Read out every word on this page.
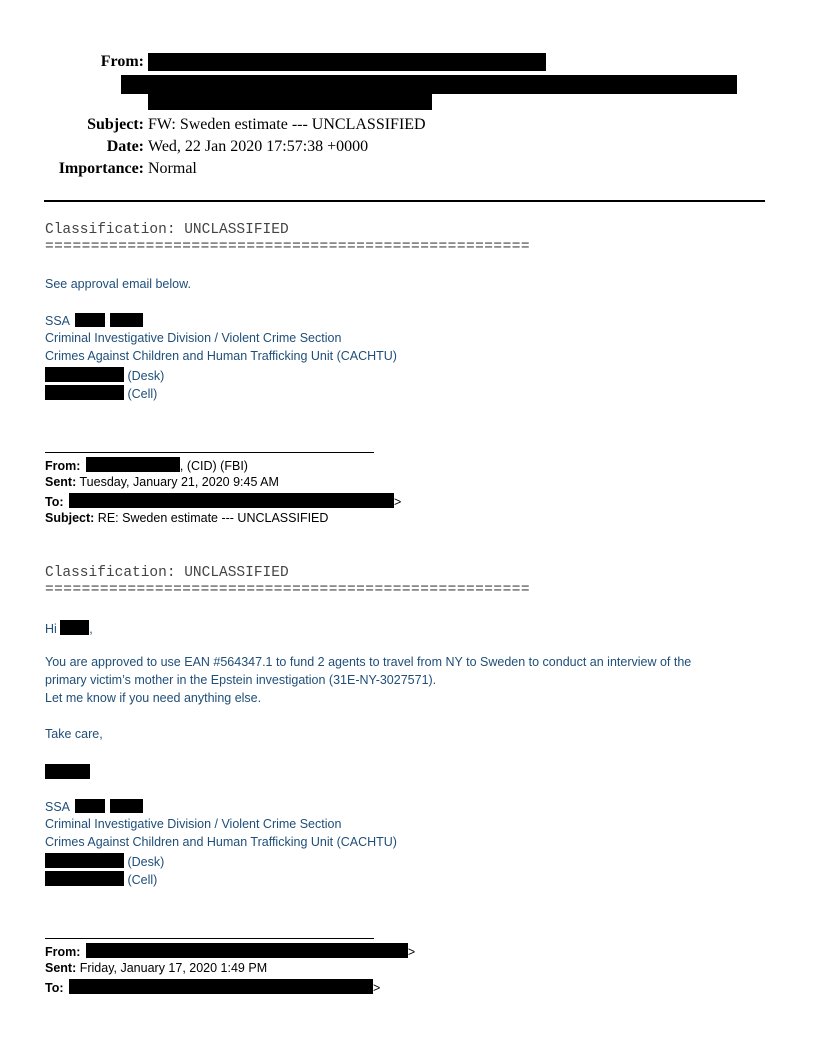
From:
Subject: FW: Sweden estimate --- UNCLASSIFIED
Date: Wed, 22 Jan 2020 17:57:38 +0000
Importance: Normal
Classification: UNCLASSIFIED
=====================================================
See approval email below.
SSA
Criminal Investigative Division / Violent Crime Section
Crimes Against Children and Human Trafficking Unit (CACHTU)
(Desk)
(Cell)
From:	, (CID) (FBI)
Sent: Tuesday, January 21, 2020 9:45 AM
To:	>
Subject: RE: Sweden estimate --- UNCLASSIFIED
Classification: UNCLASSIFIED
=====================================================
Hi	,
You are approved to use EAN #564347.1 to fund 2 agents to travel from NY to Sweden to conduct an interview of the
primary victim’s mother in the Epstein investigation (31E-NY-3027571).
Let me know if you need anything else.
Take care,
SSA
Criminal Investigative Division / Violent Crime Section
Crimes Against Children and Human Trafficking Unit (CACHTU)
(Desk)
(Cell)
From:	>
Sent: Friday, January 17, 2020 1:49 PM
To:	>
